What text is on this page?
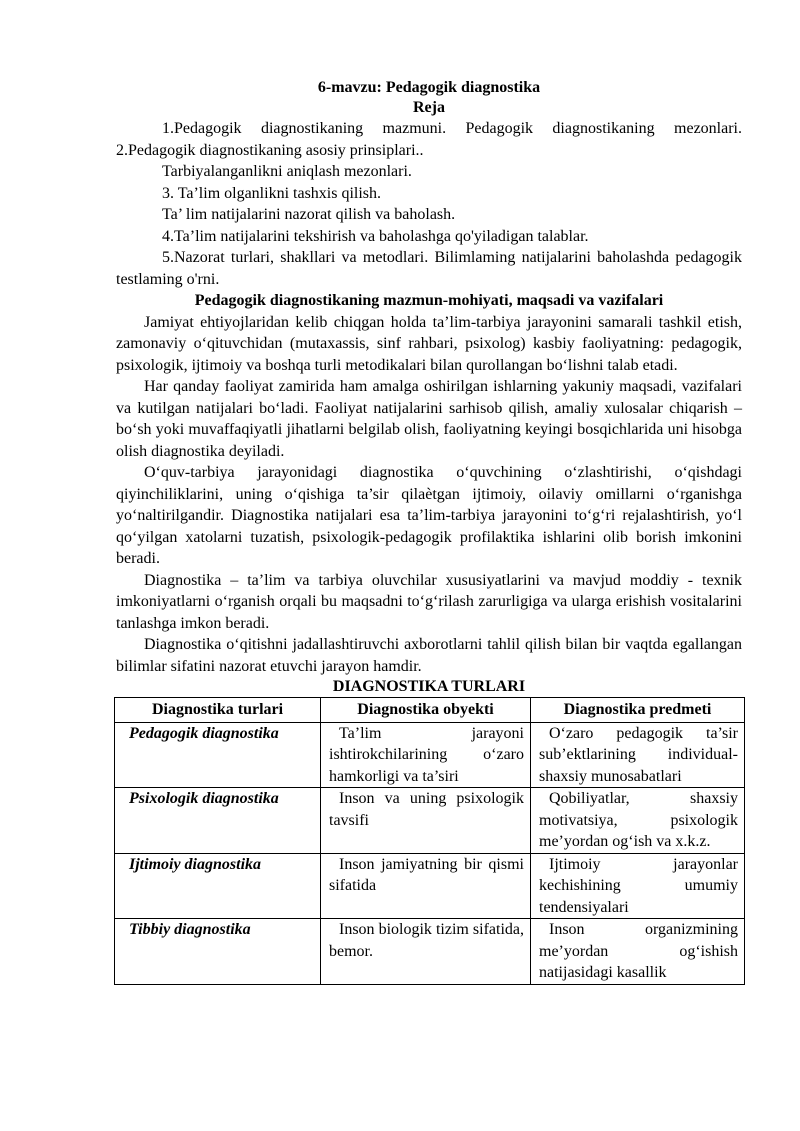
6-mavzu: Pedagogik diagnostika
Reja

1.Pedagogik diagnostikaning mazmuni. Pedagogik diagnostikaning mezonlari. 2.Pedagogik diagnostikaning asosiy prinsiplari..

Tarbiyalanganlikni aniqlash mezonlari.

3. Ta’lim olganlikni tashxis qilish.

Ta’ lim natijalarini nazorat qilish va baholash.

4.Ta’lim natijalarini tekshirish va baholashga qo'yiladigan talablar.

5.Nazorat turlari, shakllari va metodlari. Bilimlaming natijalarini baholashda pedagogik testlaming o'rni.

Pedagogik diagnostikaning mazmun-mohiyati, maqsadi va vazifalari

Jamiyat ehtiyojlaridan kelib chiqgan holda ta’lim-tarbiya jarayonini samarali tashkil etish, zamonaviy o‘qituvchidan (mutaxassis, sinf rahbari, psixolog) kasbiy faoliyatning: pedagogik, psixologik, ijtimoiy va boshqa turli metodikalari bilan qurollangan bo‘lishni talab etadi.

Har qanday faoliyat zamirida ham amalga oshirilgan ishlarning yakuniy maqsadi, vazifalari va kutilgan natijalari bo‘ladi. Faoliyat natijalarini sarhisob qilish, amaliy xulosalar chiqarish – bo‘sh yoki muvaffaqiyatli jihatlarni belgilab olish, faoliyatning keyingi bosqichlarida uni hisobga olish diagnostika deyiladi.

O‘quv-tarbiya jarayonidagi diagnostika o‘quvchining o‘zlashtirishi, o‘qishdagi qiyinchiliklarini, uning o‘qishiga ta’sir qilaètgan ijtimoiy, oilaviy omillarni o‘rganishga yo‘naltirilgandir. Diagnostika natijalari esa ta’lim-tarbiya jarayonini to‘g‘ri rejalashtirish, yo‘l qo‘yilgan xatolarni tuzatish, psixologik-pedagogik profilaktika ishlarini olib borish imkonini beradi.

Diagnostika – ta’lim va tarbiya oluvchilar xususiyatlarini va mavjud moddiy - texnik imkoniyatlarni o‘rganish orqali bu maqsadni to‘g‘rilash zarurligiga va ularga erishish vositalarini tanlashga imkon beradi.

Diagnostika o‘qitishni jadallashtiruvchi axborotlarni tahlil qilish bilan bir vaqtda egallangan bilimlar sifatini nazorat etuvchi jarayon hamdir.

DIAGNOSTIKA TURLARI
Diagnostika turlari	Diagnostika obyekti	Diagnostika predmeti
Pedagogik diagnostika	Ta’lim jarayoni ishtirokchilarining o‘zaro hamkorligi va ta’siri	O‘zaro pedagogik ta’sir sub’ektlarining individual-shaxsiy munosabatlari
Psixologik diagnostika	Inson va uning psixologik tavsifi	Qobiliyatlar, shaxsiy motivatsiya, psixologik me’yordan og‘ish va x.k.z.
Ijtimoiy diagnostika	Inson jamiyatning bir qismi sifatida	Ijtimoiy jarayonlar kechishining umumiy tendensiyalari
Tibbiy diagnostika	Inson biologik tizim sifatida, bemor.	Inson organizmining me’yordan og‘ishish natijasidagi kasallik
